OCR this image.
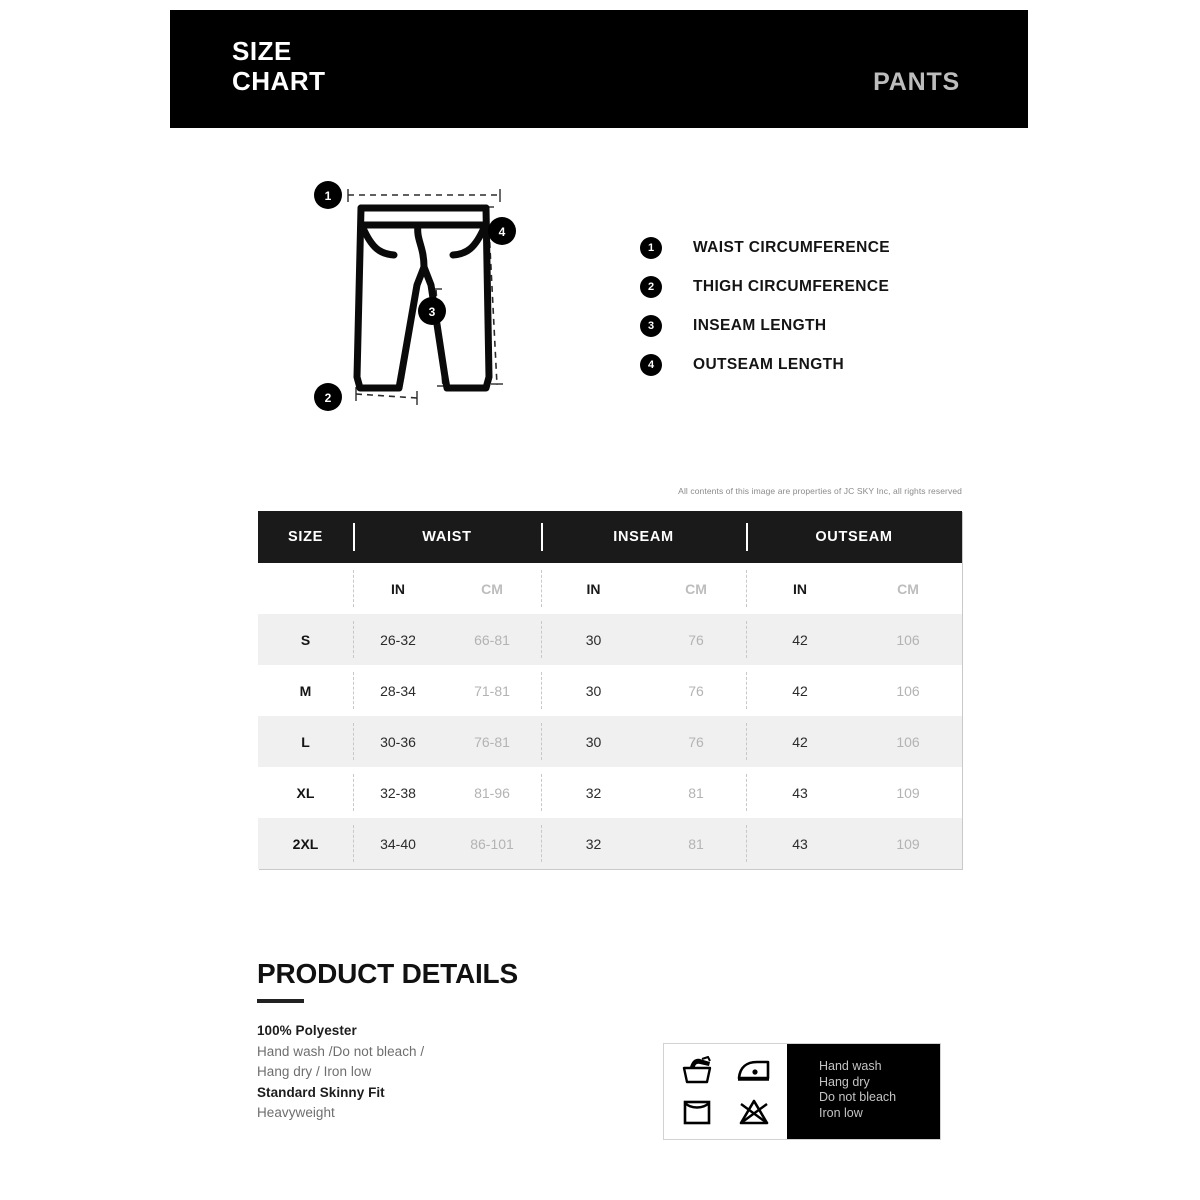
SIZE
CHART	PANTS
1
2
3
4
1	WAIST CIRCUMFERENCE
2	THIGH CIRCUMFERENCE
3	INSEAM LENGTH
4	OUTSEAM LENGTH
All contents of this image are properties of JC SKY Inc, all rights reserved
SIZE	WAIST		INSEAM		OUTSEAM	
	IN	CM	IN	CM	IN	CM
S	26-32	66-81	30	76	42	106
M	28-34	71-81	30	76	42	106
L	30-36	76-81	30	76	42	106
XL	32-38	81-96	32	81	43	109
2XL	34-40	86-101	32	81	43	109
PRODUCT DETAILS
100% Polyester
Hand wash /Do not bleach /
Hang dry / Iron low
Standard Skinny Fit
Heavyweight
Hand wash
Hang dry
Do not bleach
Iron low
